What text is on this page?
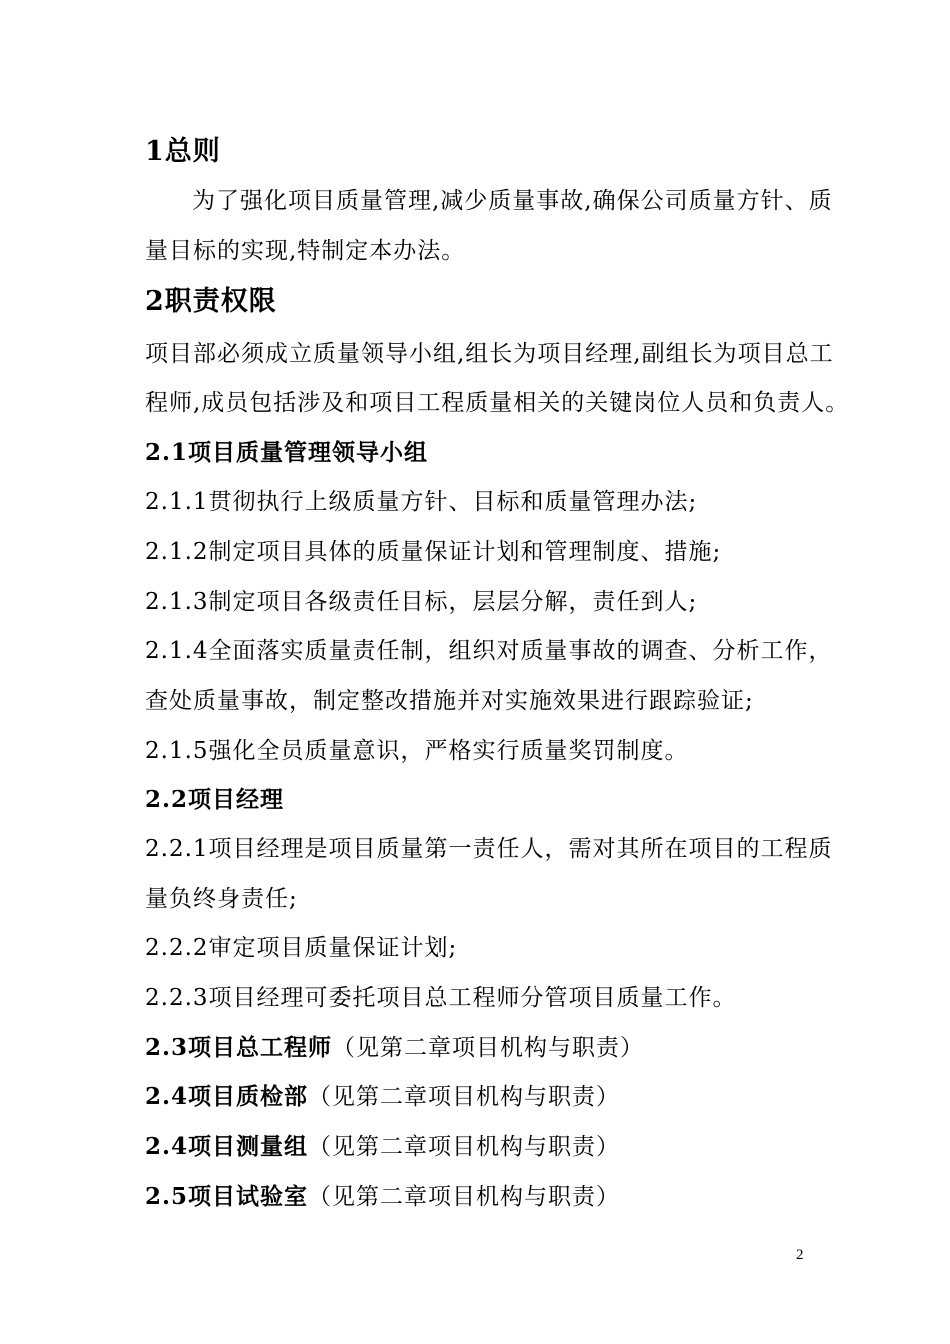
1总则
为了强化项目质量管理,减少质量事故,确保公司质量方针、质
量目标的实现,特制定本办法。
2职责权限
项目部必须成立质量领导小组,组长为项目经理,副组长为项目总工
程师,成员包括涉及和项目工程质量相关的关键岗位人员和负责人。
2.1项目质量管理领导小组
2.1.1贯彻执行上级质量方针、目标和质量管理办法;
2.1.2制定项目具体的质量保证计划和管理制度、措施;
2.1.3制定项目各级责任目标，层层分解，责任到人;
2.1.4全面落实质量责任制，组织对质量事故的调查、分析工作，
查处质量事故，制定整改措施并对实施效果进行跟踪验证;
2.1.5强化全员质量意识，严格实行质量奖罚制度。
2.2项目经理
2.2.1项目经理是项目质量第一责任人，需对其所在项目的工程质
量负终身责任;
2.2.2审定项目质量保证计划;
2.2.3项目经理可委托项目总工程师分管项目质量工作。
2.3项目总工程师（见第二章项目机构与职责）
2.4项目质检部（见第二章项目机构与职责）
2.4项目测量组（见第二章项目机构与职责）
2.5项目试验室（见第二章项目机构与职责）
2
